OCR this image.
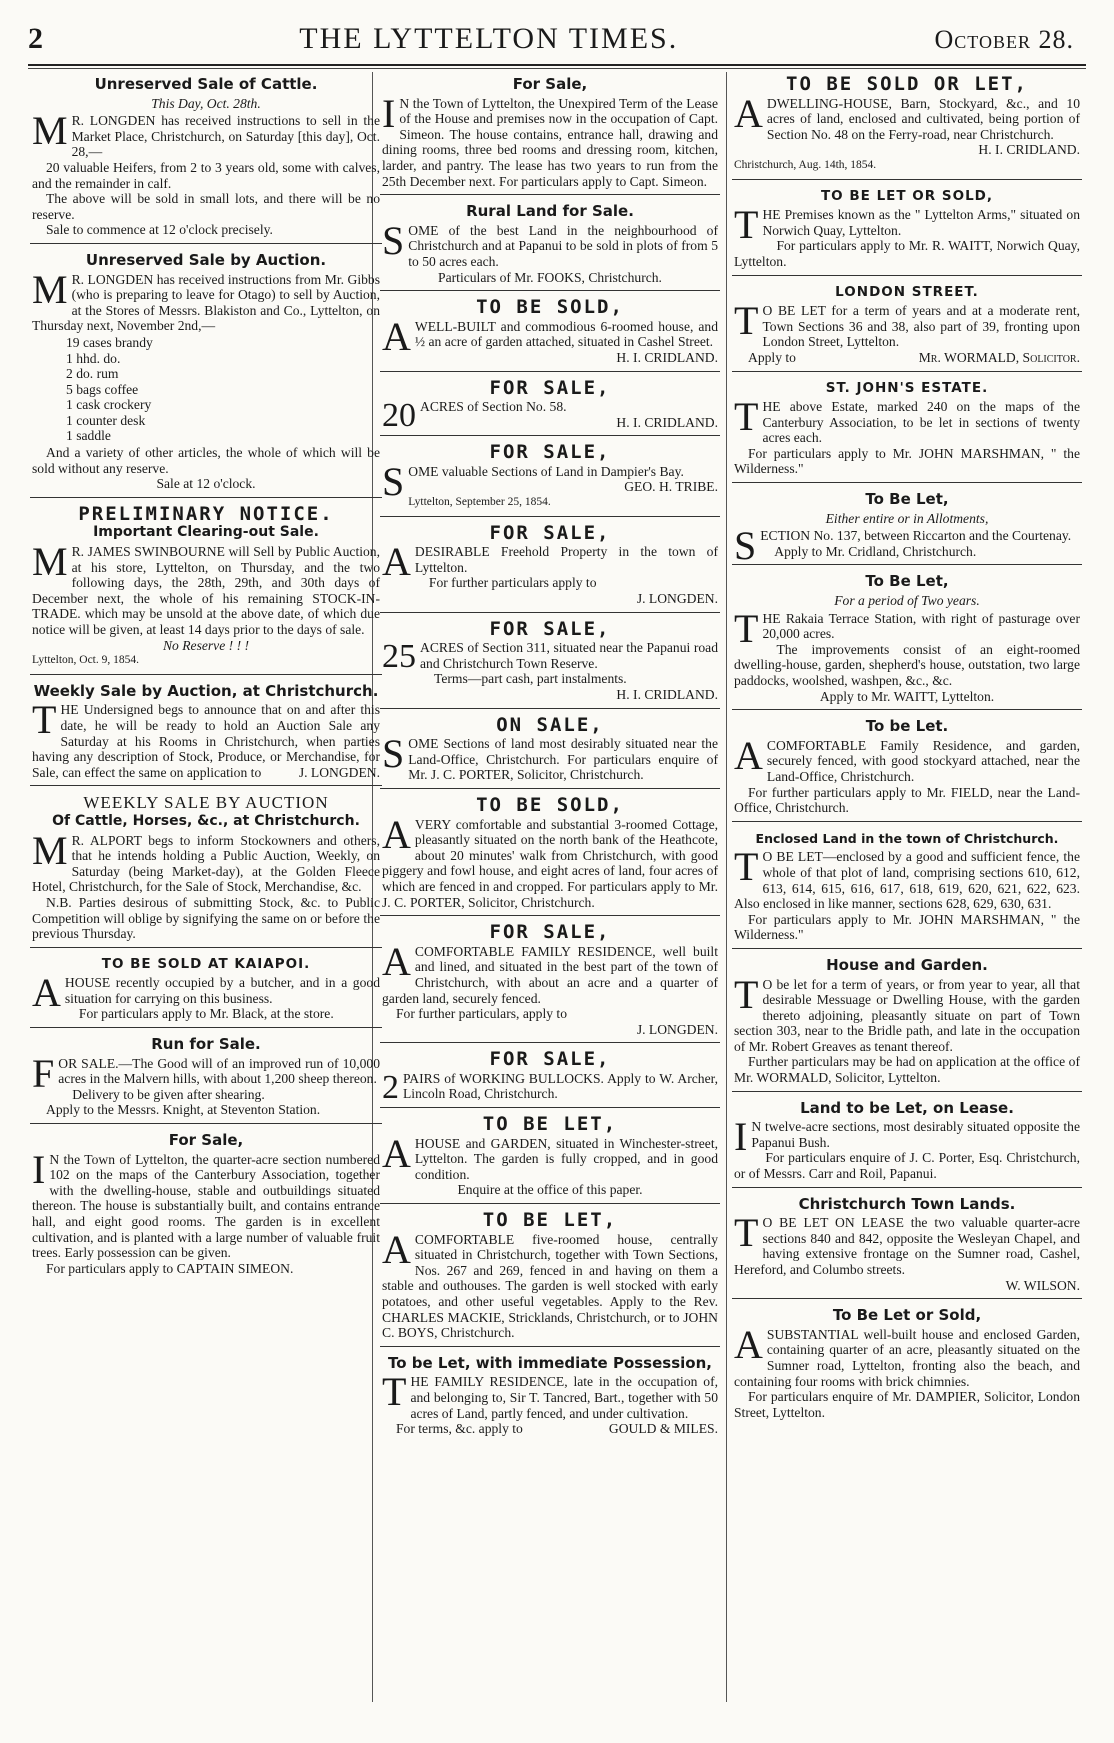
2	THE LYTTELTON TIMES.	October 28.
Unreserved Sale of Cattle.
This Day, Oct. 28th.

M R. LONGDEN has received instructions to sell in the Market Place, Christchurch, on Saturday [this day], Oct. 28,—

20 valuable Heifers, from 2 to 3 years old, some with calves, and the remainder in calf.

The above will be sold in small lots, and there will be no reserve.

Sale to commence at 12 o'clock precisely.

Unreserved Sale by Auction.

M R. LONGDEN has received instructions from Mr. Gibbs (who is preparing to leave for Otago) to sell by Auction, at the Stores of Messrs. Blakiston and Co., Lyttelton, on Thursday next, November 2nd,—

19 cases brandy
1 hhd. do.
2 do. rum
5 bags coffee
1 cask crockery
1 counter desk
1 saddle

And a variety of other articles, the whole of which will be sold without any reserve.

Sale at 12 o'clock.
PRELIMINARY NOTICE.
Important Clearing-out Sale.

M R. JAMES SWINBOURNE will Sell by Public Auction, at his store, Lyttelton, on Thursday, and the two following days, the 28th, 29th, and 30th days of December next, the whole of his remaining STOCK-IN-TRADE. which may be unsold at the above date, of which due notice will be given, at least 14 days prior to the days of sale.

No Reserve ! ! !
Lyttelton, Oct. 9, 1854.
Weekly Sale by Auction, at Christchurch.

THE Undersigned begs to announce that on and after this date, he will be ready to hold an Auction Sale any Saturday at his Rooms in Christchurch, when parties having any description of Stock, Produce, or Merchandise, for Sale, can effect the same on application to	J. LONGDEN.

WEEKLY SALE BY AUCTION
Of Cattle, Horses, &c., at Christchurch.

M R. ALPORT begs to inform Stockowners and others, that he intends holding a Public Auction, Weekly, on Saturday (being Market-day), at the Golden Fleece Hotel, Christchurch, for the Sale of Stock, Merchandise, &c.

N.B. Parties desirous of submitting Stock, &c. to Public Competition will oblige by signifying the same on or before the previous Thursday.

TO BE SOLD AT KAIAPOI.

AHOUSE recently occupied by a butcher, and in a good situation for carrying on this business.

For particulars apply to Mr. Black, at the store.

Run for Sale.

FOR SALE.—The Good will of an improved run of 10,000 acres in the Malvern hills, with about 1,200 sheep thereon.

Delivery to be given after shearing.

Apply to the Messrs. Knight, at Steventon Station.

For Sale,

I N the Town of Lyttelton, the quarter-acre section numbered 102 on the maps of the Canterbury Association, together with the dwelling-house, stable and outbuildings situated thereon. The house is substantially built, and contains entrance hall, and eight good rooms. The garden is in excellent cultivation, and is planted with a large number of valuable fruit trees. Early possession can be given.

For particulars apply to CAPTAIN SIMEON.

For Sale,

I N the Town of Lyttelton, the Unexpired Term of the Lease of the House and premises now in the occupation of Capt. Simeon. The house contains, entrance hall, drawing and dining rooms, three bed rooms and dressing room, kitchen, larder, and pantry. The lease has two years to run from the 25th December next. For particulars apply to Capt. Simeon.

Rural Land for Sale.

SOME of the best Land in the neighbourhood of Christchurch and at Papanui to be sold in plots of from 5 to 50 acres each.

Particulars of Mr. FOOKS, Christchurch.
TO BE SOLD,

AWELL-BUILT and commodious 6-roomed house, and ½ an acre of garden attached, situated in Cashel Street.

H. I. CRIDLAND.
FOR SALE,

20 ACRES of Section No. 58.

H. I. CRIDLAND.
FOR SALE,

SOME valuable Sections of Land in Dampier's Bay.

GEO. H. TRIBE.
Lyttelton, September 25, 1854.
FOR SALE,

ADESIRABLE Freehold Property in the town of Lyttelton.

For further particulars apply to

J. LONGDEN.
FOR SALE,

25 ACRES of Section 311, situated near the Papanui road and Christchurch Town Reserve.

Terms—part cash, part instalments.

H. I. CRIDLAND.
ON SALE,

SOME Sections of land most desirably situated near the Land-Office, Christchurch. For particulars enquire of Mr. J. C. PORTER, Solicitor, Christchurch.

TO BE SOLD,

AVERY comfortable and substantial 3-roomed Cottage, pleasantly situated on the north bank of the Heathcote, about 20 minutes' walk from Christchurch, with good piggery and fowl house, and eight acres of land, four acres of which are fenced in and cropped. For particulars apply to Mr. J. C. PORTER, Solicitor, Christchurch.

FOR SALE,

ACOMFORTABLE FAMILY RESIDENCE, well built and lined, and situated in the best part of the town of Christchurch, with about an acre and a quarter of garden land, securely fenced.

For further particulars, apply to

J. LONGDEN.
FOR SALE,

2 PAIRS of WORKING BULLOCKS. Apply to W. Archer, Lincoln Road, Christchurch.

TO BE LET,

AHOUSE and GARDEN, situated in Winchester-street, Lyttelton. The garden is fully cropped, and in good condition.

Enquire at the office of this paper.
TO BE LET,

ACOMFORTABLE five-roomed house, centrally situated in Christchurch, together with Town Sections, Nos. 267 and 269, fenced in and having on them a stable and outhouses. The garden is well stocked with early potatoes, and other useful vegetables. Apply to the Rev. CHARLES MACKIE, Stricklands, Christchurch, or to JOHN C. BOYS, Christchurch.

To be Let, with immediate Possession,

THE FAMILY RESIDENCE, late in the occupation of, and belonging to, Sir T. Tancred, Bart., together with 50 acres of Land, partly fenced, and under cultivation.

For terms, &c. apply to	GOULD & MILES.

TO BE SOLD OR LET,

ADWELLING-HOUSE, Barn, Stockyard, &c., and 10 acres of land, enclosed and cultivated, being portion of Section No. 48 on the Ferry-road, near Christchurch.

H. I. CRIDLAND.
Christchurch, Aug. 14th, 1854.
TO BE LET OR SOLD,

THE Premises known as the " Lyttelton Arms," situated on Norwich Quay, Lyttelton.

For particulars apply to Mr. R. WAITT, Norwich Quay, Lyttelton.

LONDON STREET.

T O BE LET for a term of years and at a moderate rent, Town Sections 36 and 38, also part of 39, fronting upon London Street, Lyttelton.

Apply to	Mr. WORMALD, Solicitor.

ST. JOHN'S ESTATE.

THE above Estate, marked 240 on the maps of the Canterbury Association, to be let in sections of twenty acres each.

For particulars apply to Mr. JOHN MARSHMAN, " the Wilderness."

To Be Let,
Either entire or in Allotments,

SECTION No. 137, between Riccarton and the Courtenay.

Apply to Mr. Cridland, Christchurch.

To Be Let,
For a period of Two years.

THE Rakaia Terrace Station, with right of pasturage over 20,000 acres.

The improvements consist of an eight-roomed dwelling-house, garden, shepherd's house, outstation, two large paddocks, woolshed, washpen, &c., &c.

Apply to Mr. WAITT, Lyttelton.
To be Let.

ACOMFORTABLE Family Residence, and garden, securely fenced, with good stockyard attached, near the Land-Office, Christchurch.

For further particulars apply to Mr. FIELD, near the Land-Office, Christchurch.

Enclosed Land in the town of Christchurch.

T O BE LET—enclosed by a good and sufficient fence, the whole of that plot of land, comprising sections 610, 612, 613, 614, 615, 616, 617, 618, 619, 620, 621, 622, 623. Also enclosed in like manner, sections 628, 629, 630, 631.

For particulars apply to Mr. JOHN MARSHMAN, " the Wilderness."

House and Garden.

T O be let for a term of years, or from year to year, all that desirable Messuage or Dwelling House, with the garden thereto adjoining, pleasantly situate on part of Town section 303, near to the Bridle path, and late in the occupation of Mr. Robert Greaves as tenant thereof.

Further particulars may be had on application at the office of Mr. WORMALD, Solicitor, Lyttelton.

Land to be Let, on Lease.

I N twelve-acre sections, most desirably situated opposite the Papanui Bush.

For particulars enquire of J. C. Porter, Esq. Christchurch, or of Messrs. Carr and Roil, Papanui.

Christchurch Town Lands.

T O BE LET ON LEASE the two valuable quarter-acre sections 840 and 842, opposite the Wesleyan Chapel, and having extensive frontage on the Sumner road, Cashel, Hereford, and Columbo streets.

W. WILSON.
To Be Let or Sold,

ASUBSTANTIAL well-built house and enclosed Garden, containing quarter of an acre, pleasantly situated on the Sumner road, Lyttelton, fronting also the beach, and containing four rooms with brick chimnies.

For particulars enquire of Mr. DAMPIER, Solicitor, London Street, Lyttelton.
